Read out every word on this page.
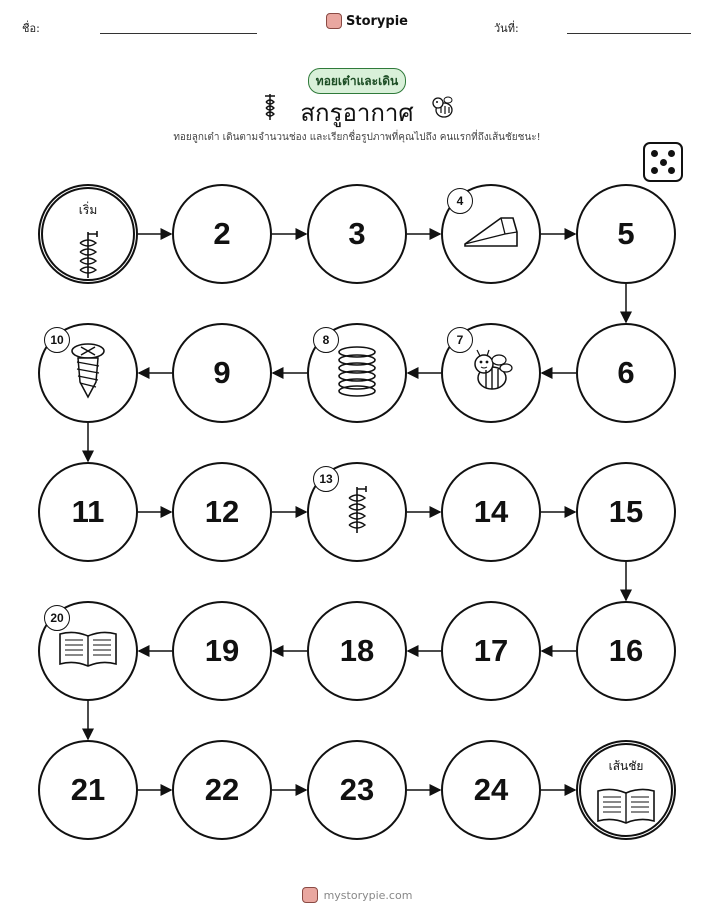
ชื่อ:	Storypie	วันที่:
ทอยเต๋าและเดิน
สกรูอากาศ
ทอยลูกเต๋า เดินตามจำนวนช่อง และเรียกชื่อรูปภาพที่คุณไปถึง คนแรกที่ถึงเส้นชัยชนะ!
เริ่ม
2	3
4
5
6
7
8
9
10
11	12
13
14	15
16
17
18
19
20
21	22	23	24
เส้นชัย
mystorypie.com
